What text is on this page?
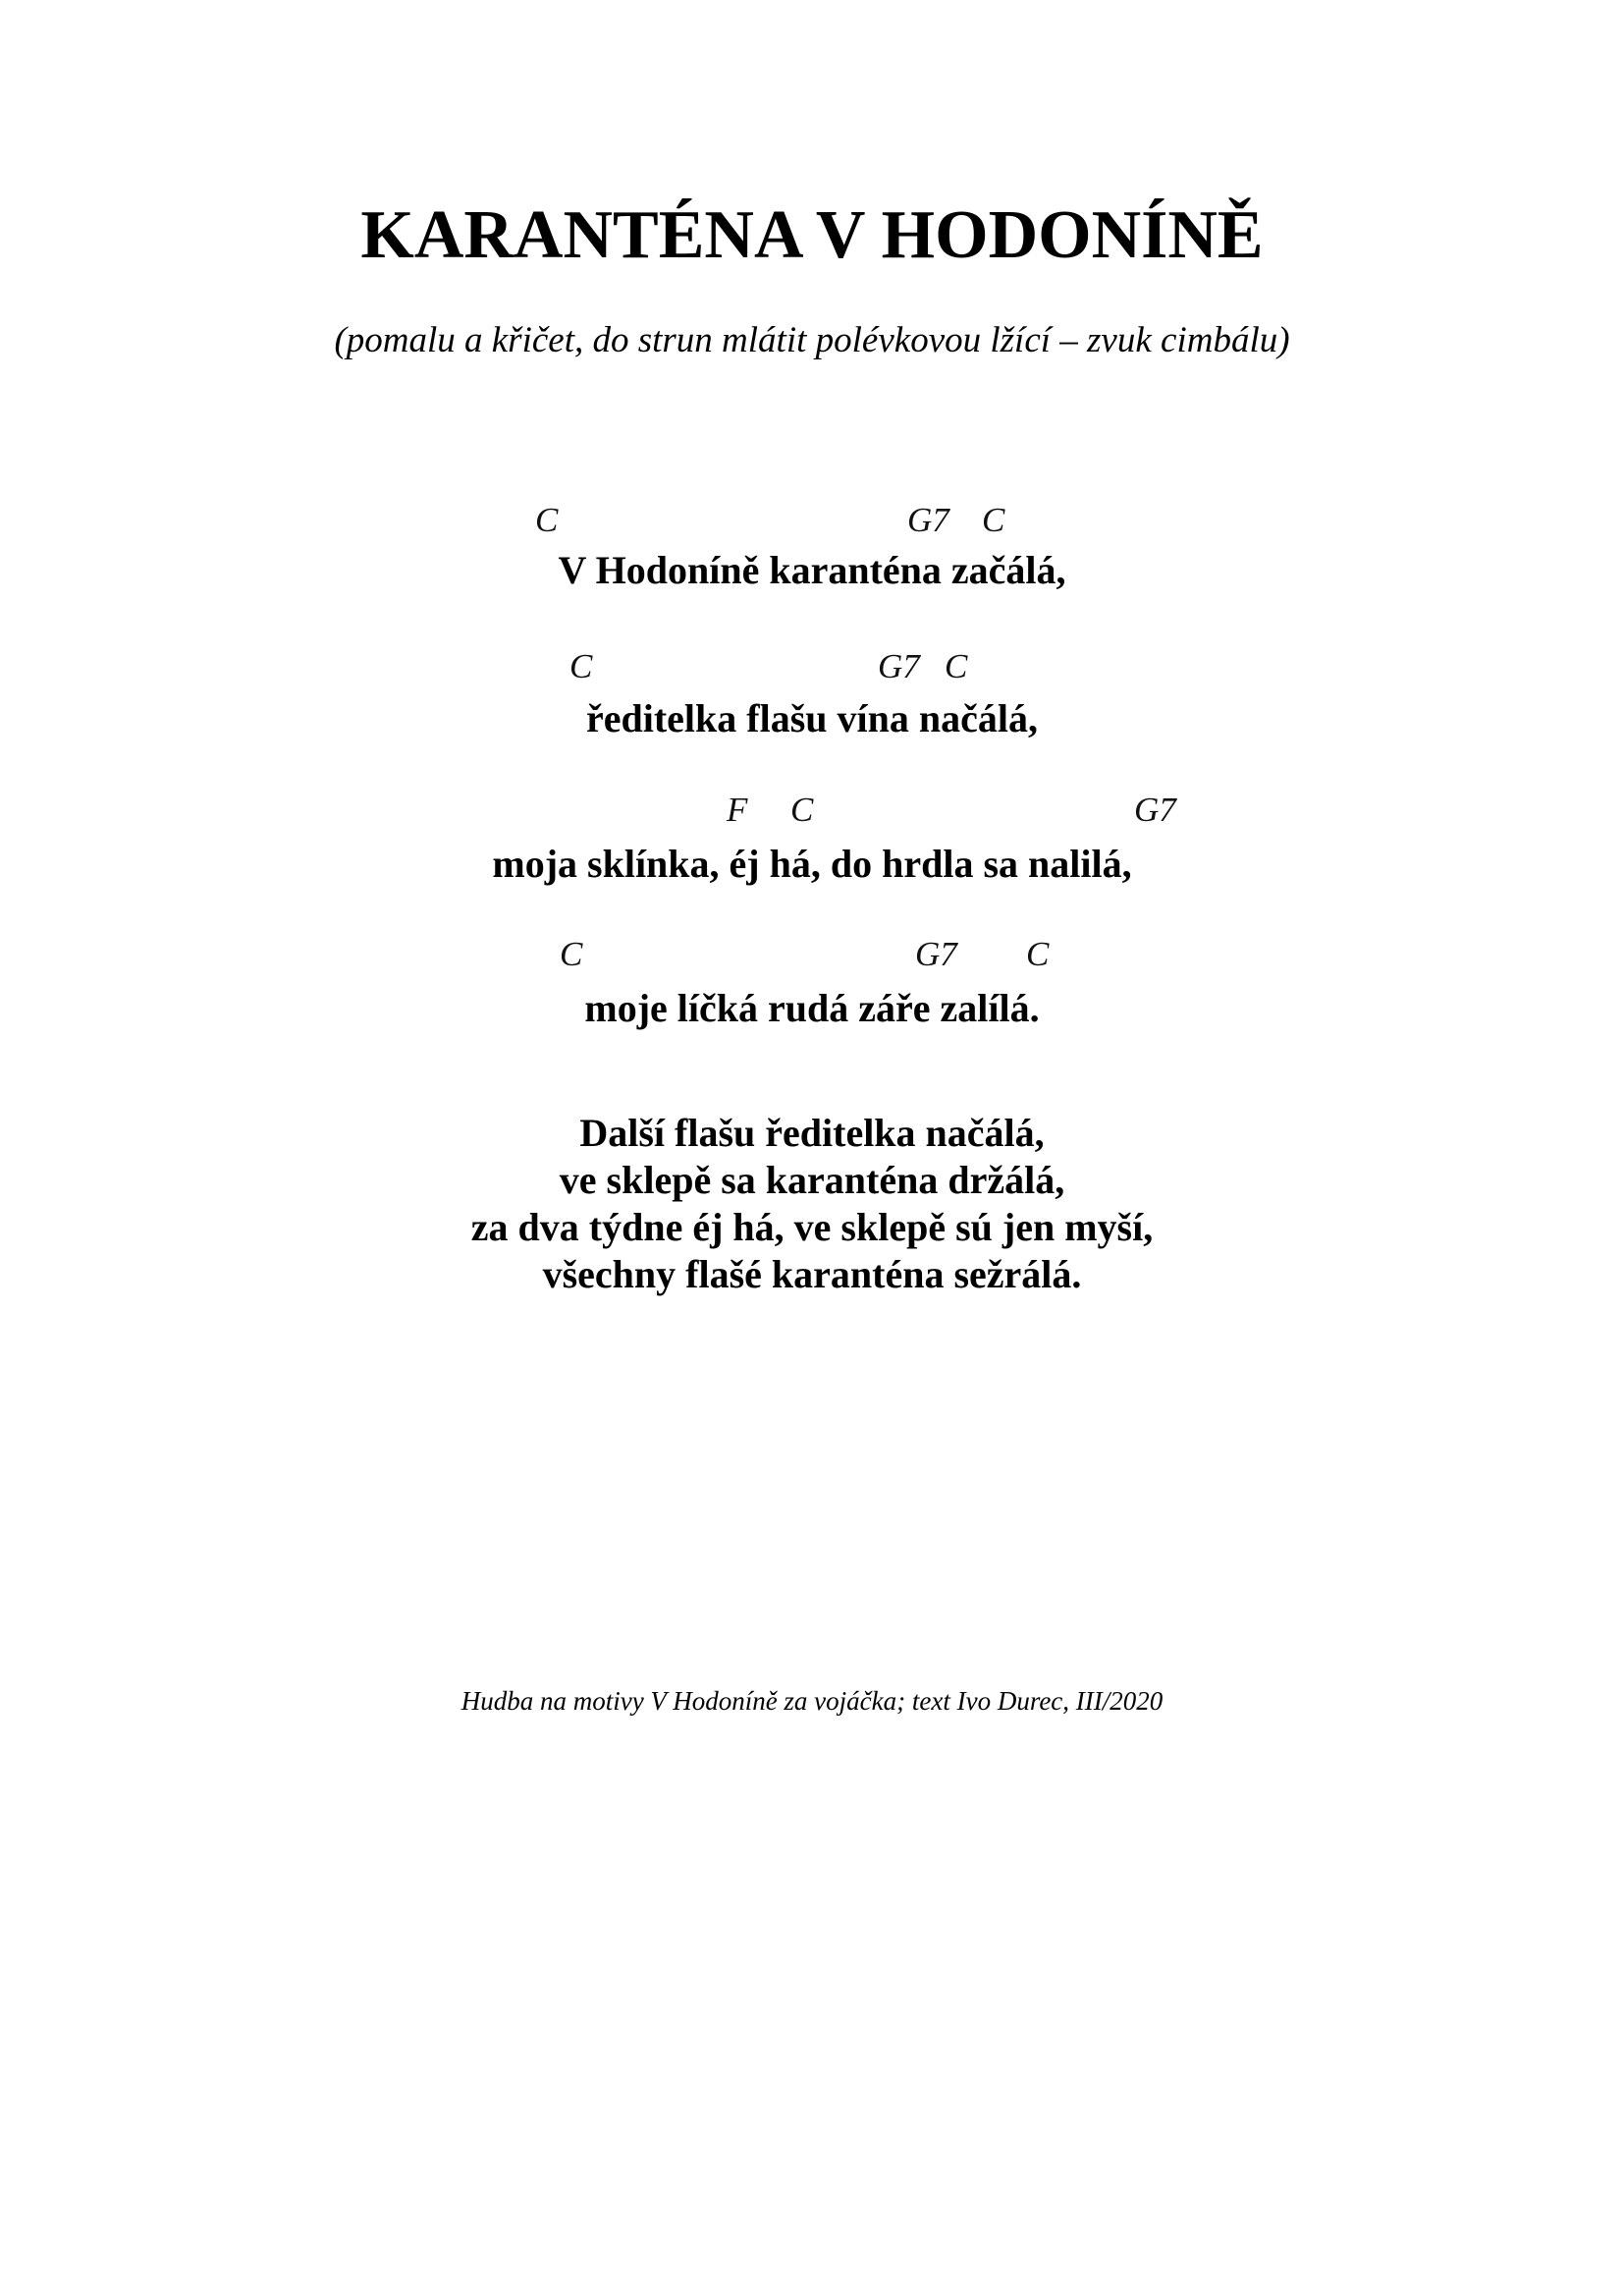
KARANTÉNA V HODONÍNĚ
(pomalu a křičet, do strun mlátit polévkovou lžící – zvuk cimbálu)
C	G7 C
V Hodoníně karanténa začálá,
C	G7 C
ředitelka flašu vína načálá,
F C	G7
moja sklínka, éj há, do hrdla sa nalilá,
C	G7 C
moje líčká rudá záře zalílá.
Další flašu ředitelka načálá,
ve sklepě sa karanténa držálá,
za dva týdne éj há, ve sklepě sú jen myší,
všechny flašé karanténa sežrálá.
Hudba na motivy V Hodoníně za vojáčka; text Ivo Durec, III/2020
